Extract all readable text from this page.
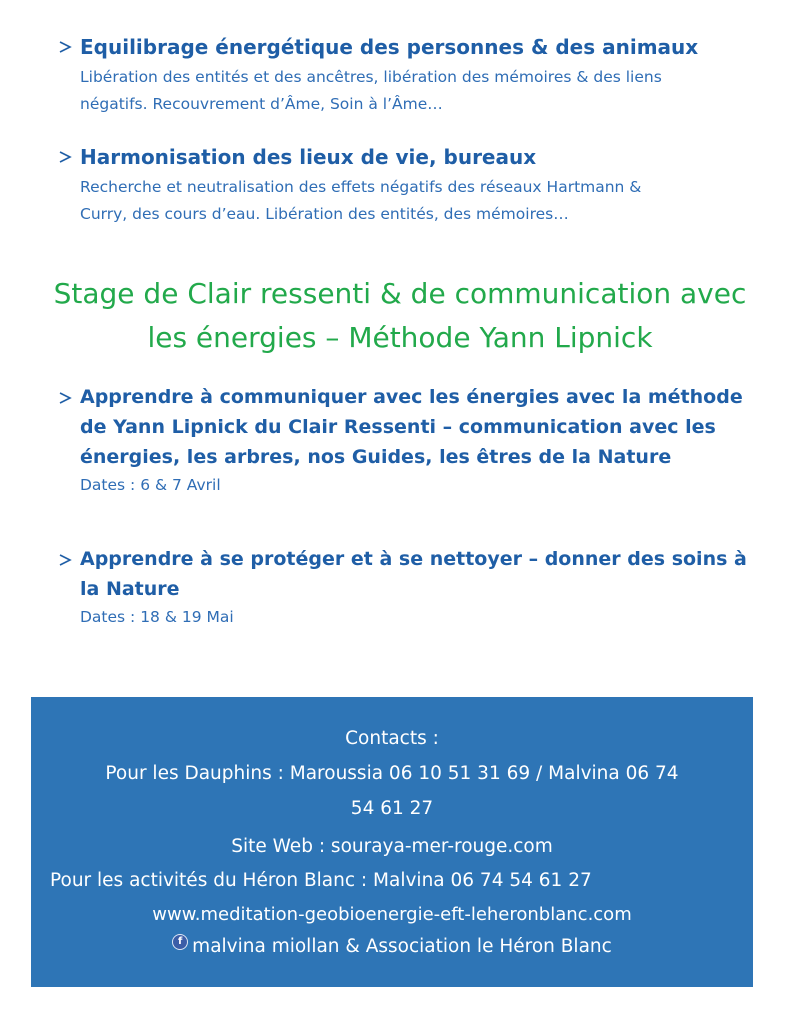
Equilibrage énergétique des personnes & des animaux
Libération des entités et des ancêtres, libération des mémoires & des liens
négatifs. Recouvrement d’Âme, Soin à l’Âme…
Harmonisation des lieux de vie, bureaux
Recherche et neutralisation des effets négatifs des réseaux Hartmann &
Curry, des cours d’eau. Libération des entités, des mémoires…
Stage de Clair ressenti & de communication avec
les énergies – Méthode Yann Lipnick
Apprendre à communiquer avec les énergies avec la méthode
de Yann Lipnick du Clair Ressenti – communication avec les
énergies, les arbres, nos Guides, les êtres de la Nature
Dates : 6 & 7 Avril
Apprendre à se protéger et à se nettoyer – donner des soins à
la Nature
Dates : 18 & 19 Mai
Contacts :
Pour les Dauphins : Maroussia 06 10 51 31 69 / Malvina 06 74
54 61 27
Site Web : souraya-mer-rouge.com
Pour les activités du Héron Blanc : Malvina 06 74 54 61 27
www.meditation-geobioenergie-eft-leheronblanc.com
f malvina miollan & Association le Héron Blanc
